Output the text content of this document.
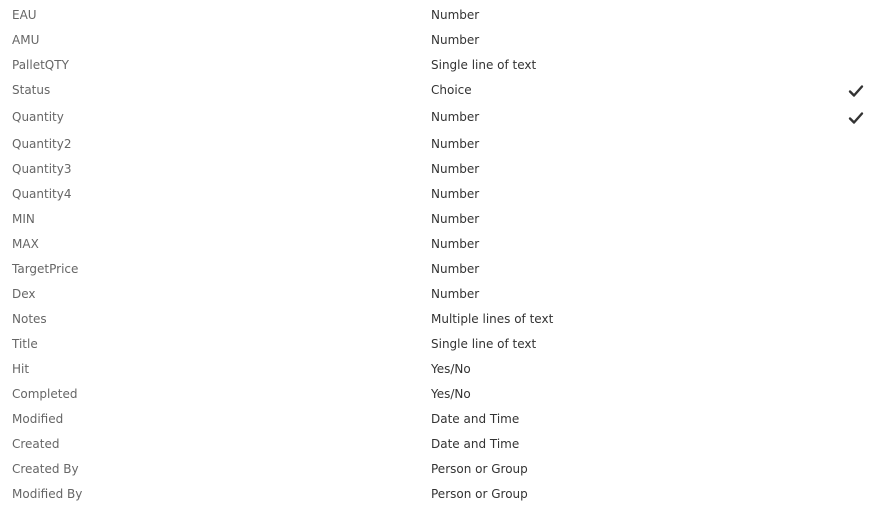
EAU	Number
AMU	Number
PalletQTY	Single line of text
Status	Choice
Quantity	Number
Quantity2	Number
Quantity3	Number
Quantity4	Number
MIN	Number
MAX	Number
TargetPrice	Number
Dex	Number
Notes	Multiple lines of text
Title	Single line of text
Hit	Yes/No
Completed	Yes/No
Modified	Date and Time
Created	Date and Time
Created By	Person or Group
Modified By	Person or Group
